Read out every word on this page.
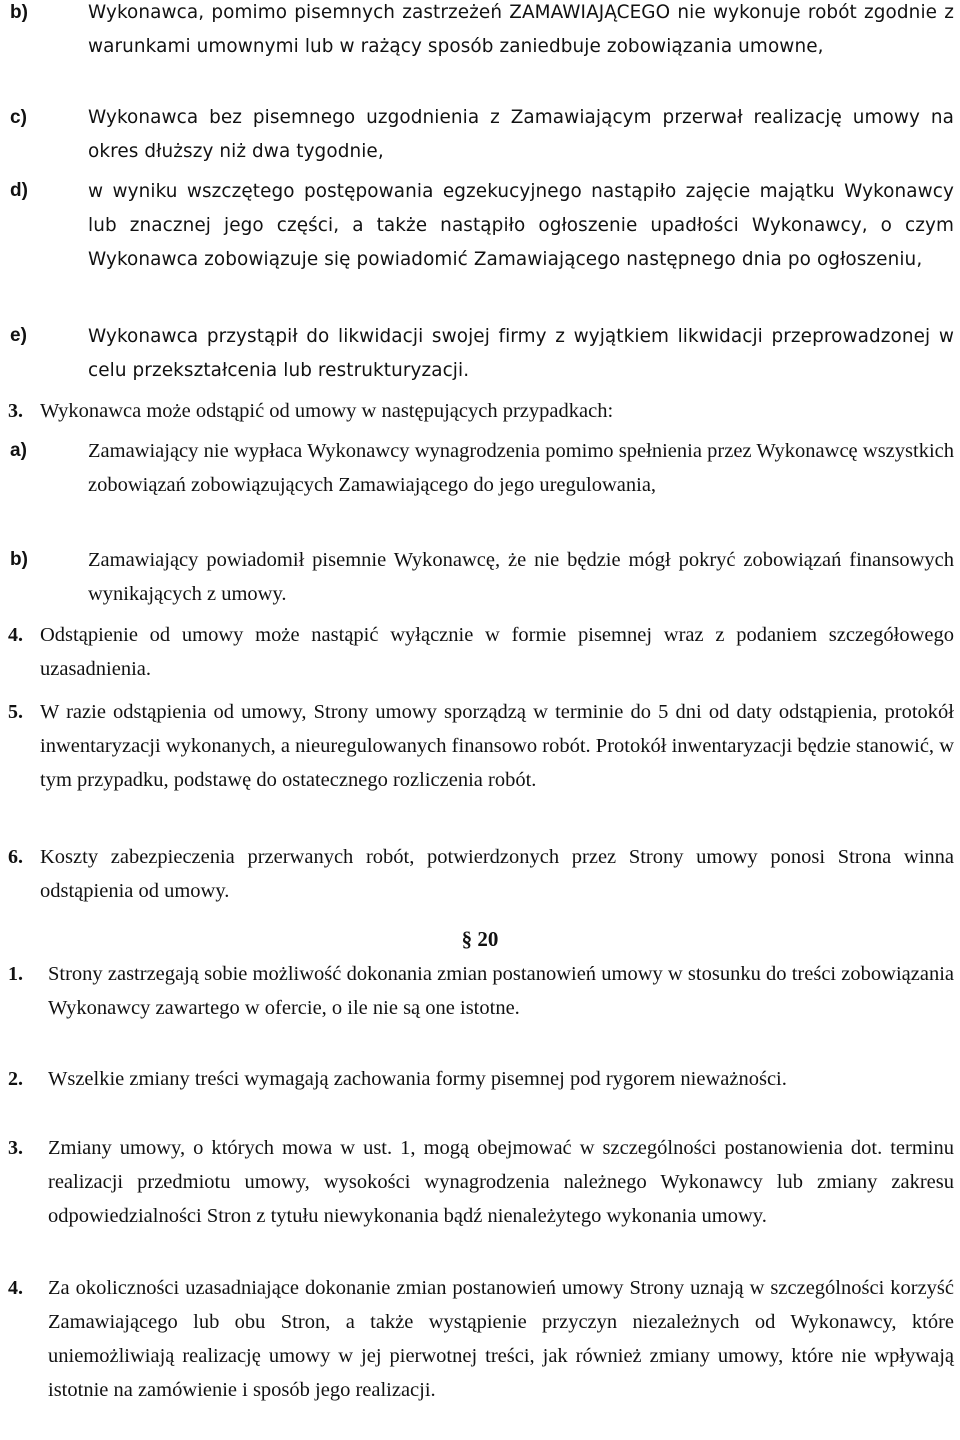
b)	Wykonawca, pomimo pisemnych zastrzeżeń ZAMAWIAJĄCEGO nie wykonuje robót zgodnie z warunkami umownymi lub w rażący sposób zaniedbuje zobowiązania umowne,
c)	Wykonawca bez pisemnego uzgodnienia z Zamawiającym przerwał realizację umowy na okres dłuższy niż dwa tygodnie,
d)	w wyniku wszczętego postępowania egzekucyjnego nastąpiło zajęcie majątku Wykonawcy lub znacznej jego części, a także nastąpiło ogłoszenie upadłości Wykonawcy, o czym Wykonawca zobowiązuje się powiadomić Zamawiającego następnego dnia po ogłoszeniu,
e)	Wykonawca przystąpił do likwidacji swojej firmy z wyjątkiem likwidacji przeprowadzonej w celu przekształcenia lub restrukturyzacji.
3. Wykonawca może odstąpić od umowy w następujących przypadkach:
a)	Zamawiający nie wypłaca Wykonawcy wynagrodzenia pomimo spełnienia przez Wykonawcę wszystkich zobowiązań zobowiązujących Zamawiającego do jego uregulowania,
b)	Zamawiający powiadomił pisemnie Wykonawcę, że nie będzie mógł pokryć zobowiązań finansowych wynikających z umowy.
4. Odstąpienie od umowy może nastąpić wyłącznie w formie pisemnej wraz z podaniem szczegółowego uzasadnienia.
5. W razie odstąpienia od umowy, Strony umowy sporządzą w terminie do 5 dni od daty odstąpienia, protokół inwentaryzacji wykonanych, a nieuregulowanych finansowo robót. Protokół inwentaryzacji będzie stanowić, w tym przypadku, podstawę do ostatecznego rozliczenia robót.
6. Koszty zabezpieczenia przerwanych robót, potwierdzonych przez Strony umowy ponosi Strona winna odstąpienia od umowy.
§ 20
1. Strony zastrzegają sobie możliwość dokonania zmian postanowień umowy w stosunku do treści zobowiązania Wykonawcy zawartego w ofercie, o ile nie są one istotne.
2. Wszelkie zmiany treści wymagają zachowania formy pisemnej pod rygorem nieważności.
3. Zmiany umowy, o których mowa w ust. 1, mogą obejmować w szczególności postanowienia dot. terminu realizacji przedmiotu umowy, wysokości wynagrodzenia należnego Wykonawcy lub zmiany zakresu odpowiedzialności Stron z tytułu niewykonania bądź nienależytego wykonania umowy.
4. Za okoliczności uzasadniające dokonanie zmian postanowień umowy Strony uznają w szczególności korzyść Zamawiającego lub obu Stron, a także wystąpienie przyczyn niezależnych od Wykonawcy, które uniemożliwiają realizację umowy w jej pierwotnej treści, jak również zmiany umowy, które nie wpływają istotnie na zamówienie i sposób jego realizacji.
